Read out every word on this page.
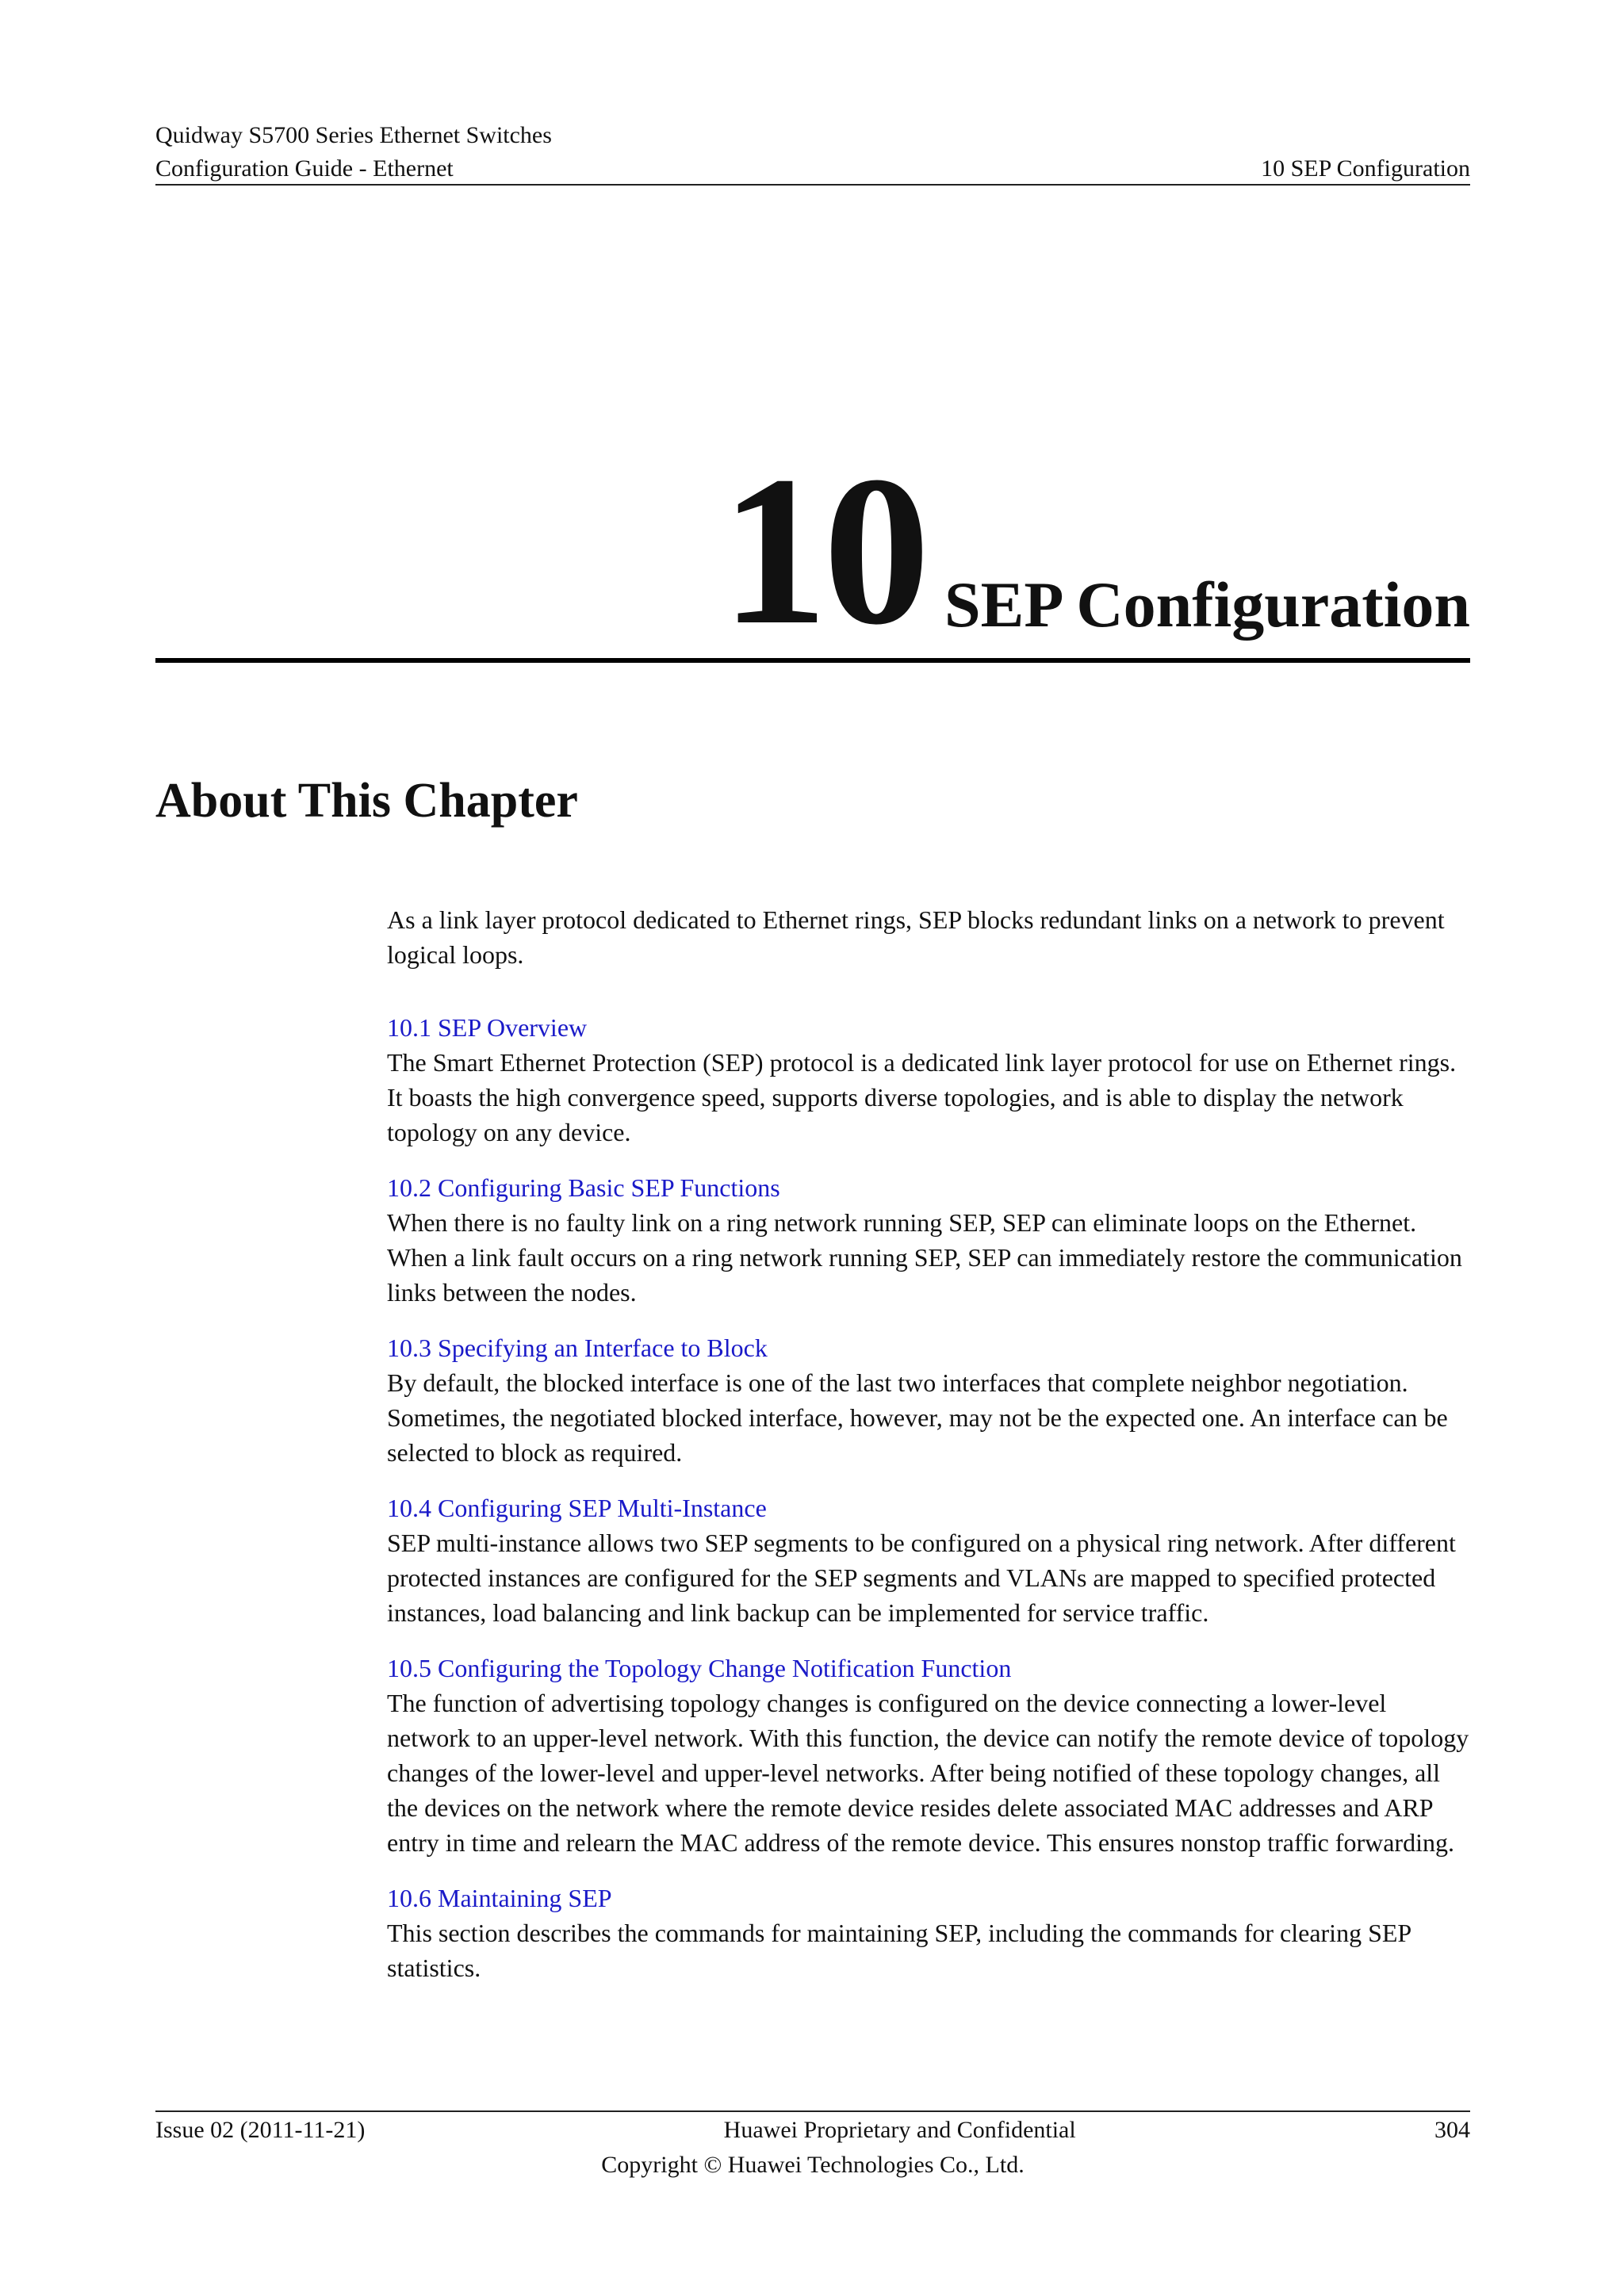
Quidway S5700 Series Ethernet Switches
Configuration Guide - Ethernet	10 SEP Configuration
10 SEP Configuration
About This Chapter

As a link layer protocol dedicated to Ethernet rings, SEP blocks redundant links on a network to prevent logical loops.

10.1 SEP Overview

The Smart Ethernet Protection (SEP) protocol is a dedicated link layer protocol for use on Ethernet rings. It boasts the high convergence speed, supports diverse topologies, and is able to display the network topology on any device.

10.2 Configuring Basic SEP Functions

When there is no faulty link on a ring network running SEP, SEP can eliminate loops on the Ethernet. When a link fault occurs on a ring network running SEP, SEP can immediately restore the communication links between the nodes.

10.3 Specifying an Interface to Block

By default, the blocked interface is one of the last two interfaces that complete neighbor negotiation. Sometimes, the negotiated blocked interface, however, may not be the expected one. An interface can be selected to block as required.

10.4 Configuring SEP Multi-Instance

SEP multi-instance allows two SEP segments to be configured on a physical ring network. After different protected instances are configured for the SEP segments and VLANs are mapped to specified protected instances, load balancing and link backup can be implemented for service traffic.

10.5 Configuring the Topology Change Notification Function

The function of advertising topology changes is configured on the device connecting a lower-level network to an upper-level network. With this function, the device can notify the remote device of topology changes of the lower-level and upper-level networks. After being notified of these topology changes, all the devices on the network where the remote device resides delete associated MAC addresses and ARP entry in time and relearn the MAC address of the remote device. This ensures nonstop traffic forwarding.

10.6 Maintaining SEP

This section describes the commands for maintaining SEP, including the commands for clearing SEP statistics.

Issue 02 (2011-11-21)	Huawei Proprietary and Confidential	304
Copyright © Huawei Technologies Co., Ltd.
